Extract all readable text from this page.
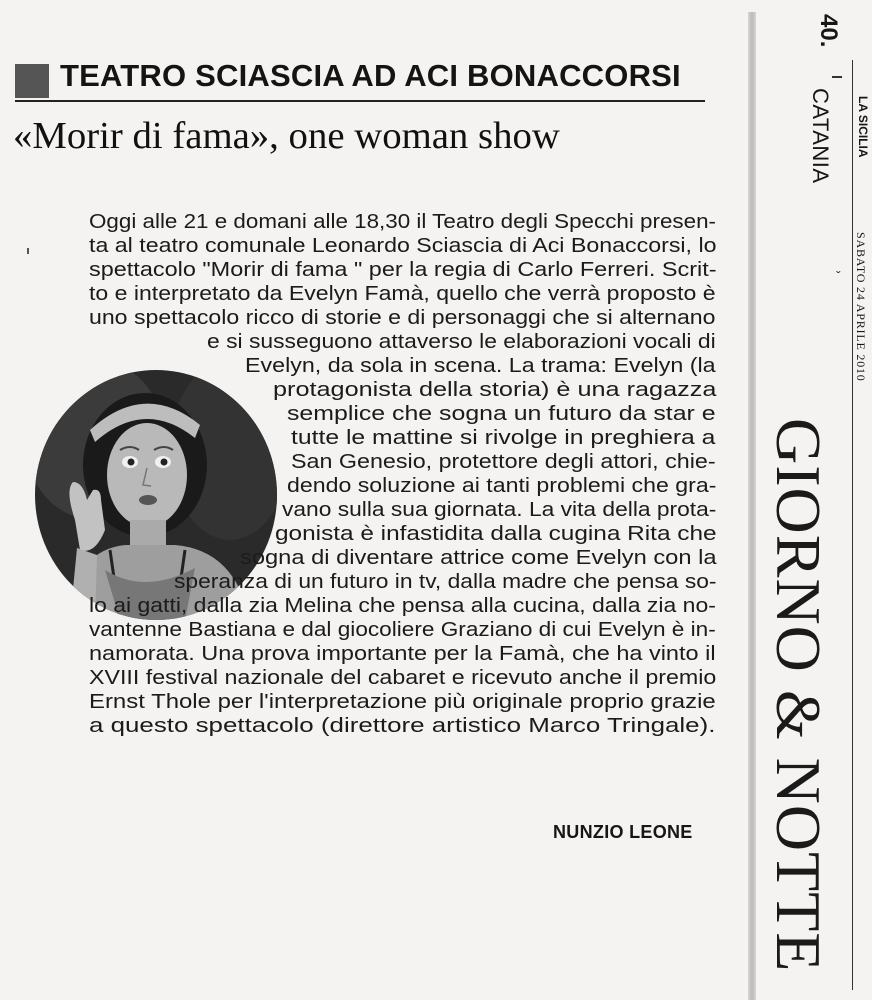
TEATRO SCIASCIA AD ACI BONACCORSI
«Morir di fama», one woman show
Oggi alle 21 e domani alle 18,30 il Teatro degli Specchi presen-
ta al teatro comunale Leonardo Sciascia di Aci Bonaccorsi, lo
spettacolo "Morir di fama " per la regia di Carlo Ferreri. Scrit-
to e interpretato da Evelyn Famà, quello che verrà proposto è
uno spettacolo ricco di storie e di personaggi che si alternano
e si susseguono attaverso le elaborazioni vocali di
Evelyn, da sola in scena. La trama: Evelyn (la
protagonista della storia) è una ragazza
semplice che sogna un futuro da star e
tutte le mattine si rivolge in preghiera a
San Genesio, protettore degli attori, chie-
dendo soluzione ai tanti problemi che gra-
vano sulla sua giornata. La vita della prota-
gonista è infastidita dalla cugina Rita che
sogna di diventare attrice come Evelyn con la
speranza di un futuro in tv, dalla madre che pensa so-
lo ai gatti, dalla zia Melina che pensa alla cucina, dalla zia no-
vantenne Bastiana e dal giocoliere Graziano di cui Evelyn è in-
namorata. Una prova importante per la Famà, che ha vinto il
XVIII festival nazionale del cabaret e ricevuto anche il premio
Ernst Thole per l'interpretazione più originale proprio grazie
a questo spettacolo (direttore artistico Marco Tringale).
NUNZIO LEONE
40.
CATANIA LA SICILIA
SABATO 24 APRILE 2010
ˇ
GIORNO & NOTTE
